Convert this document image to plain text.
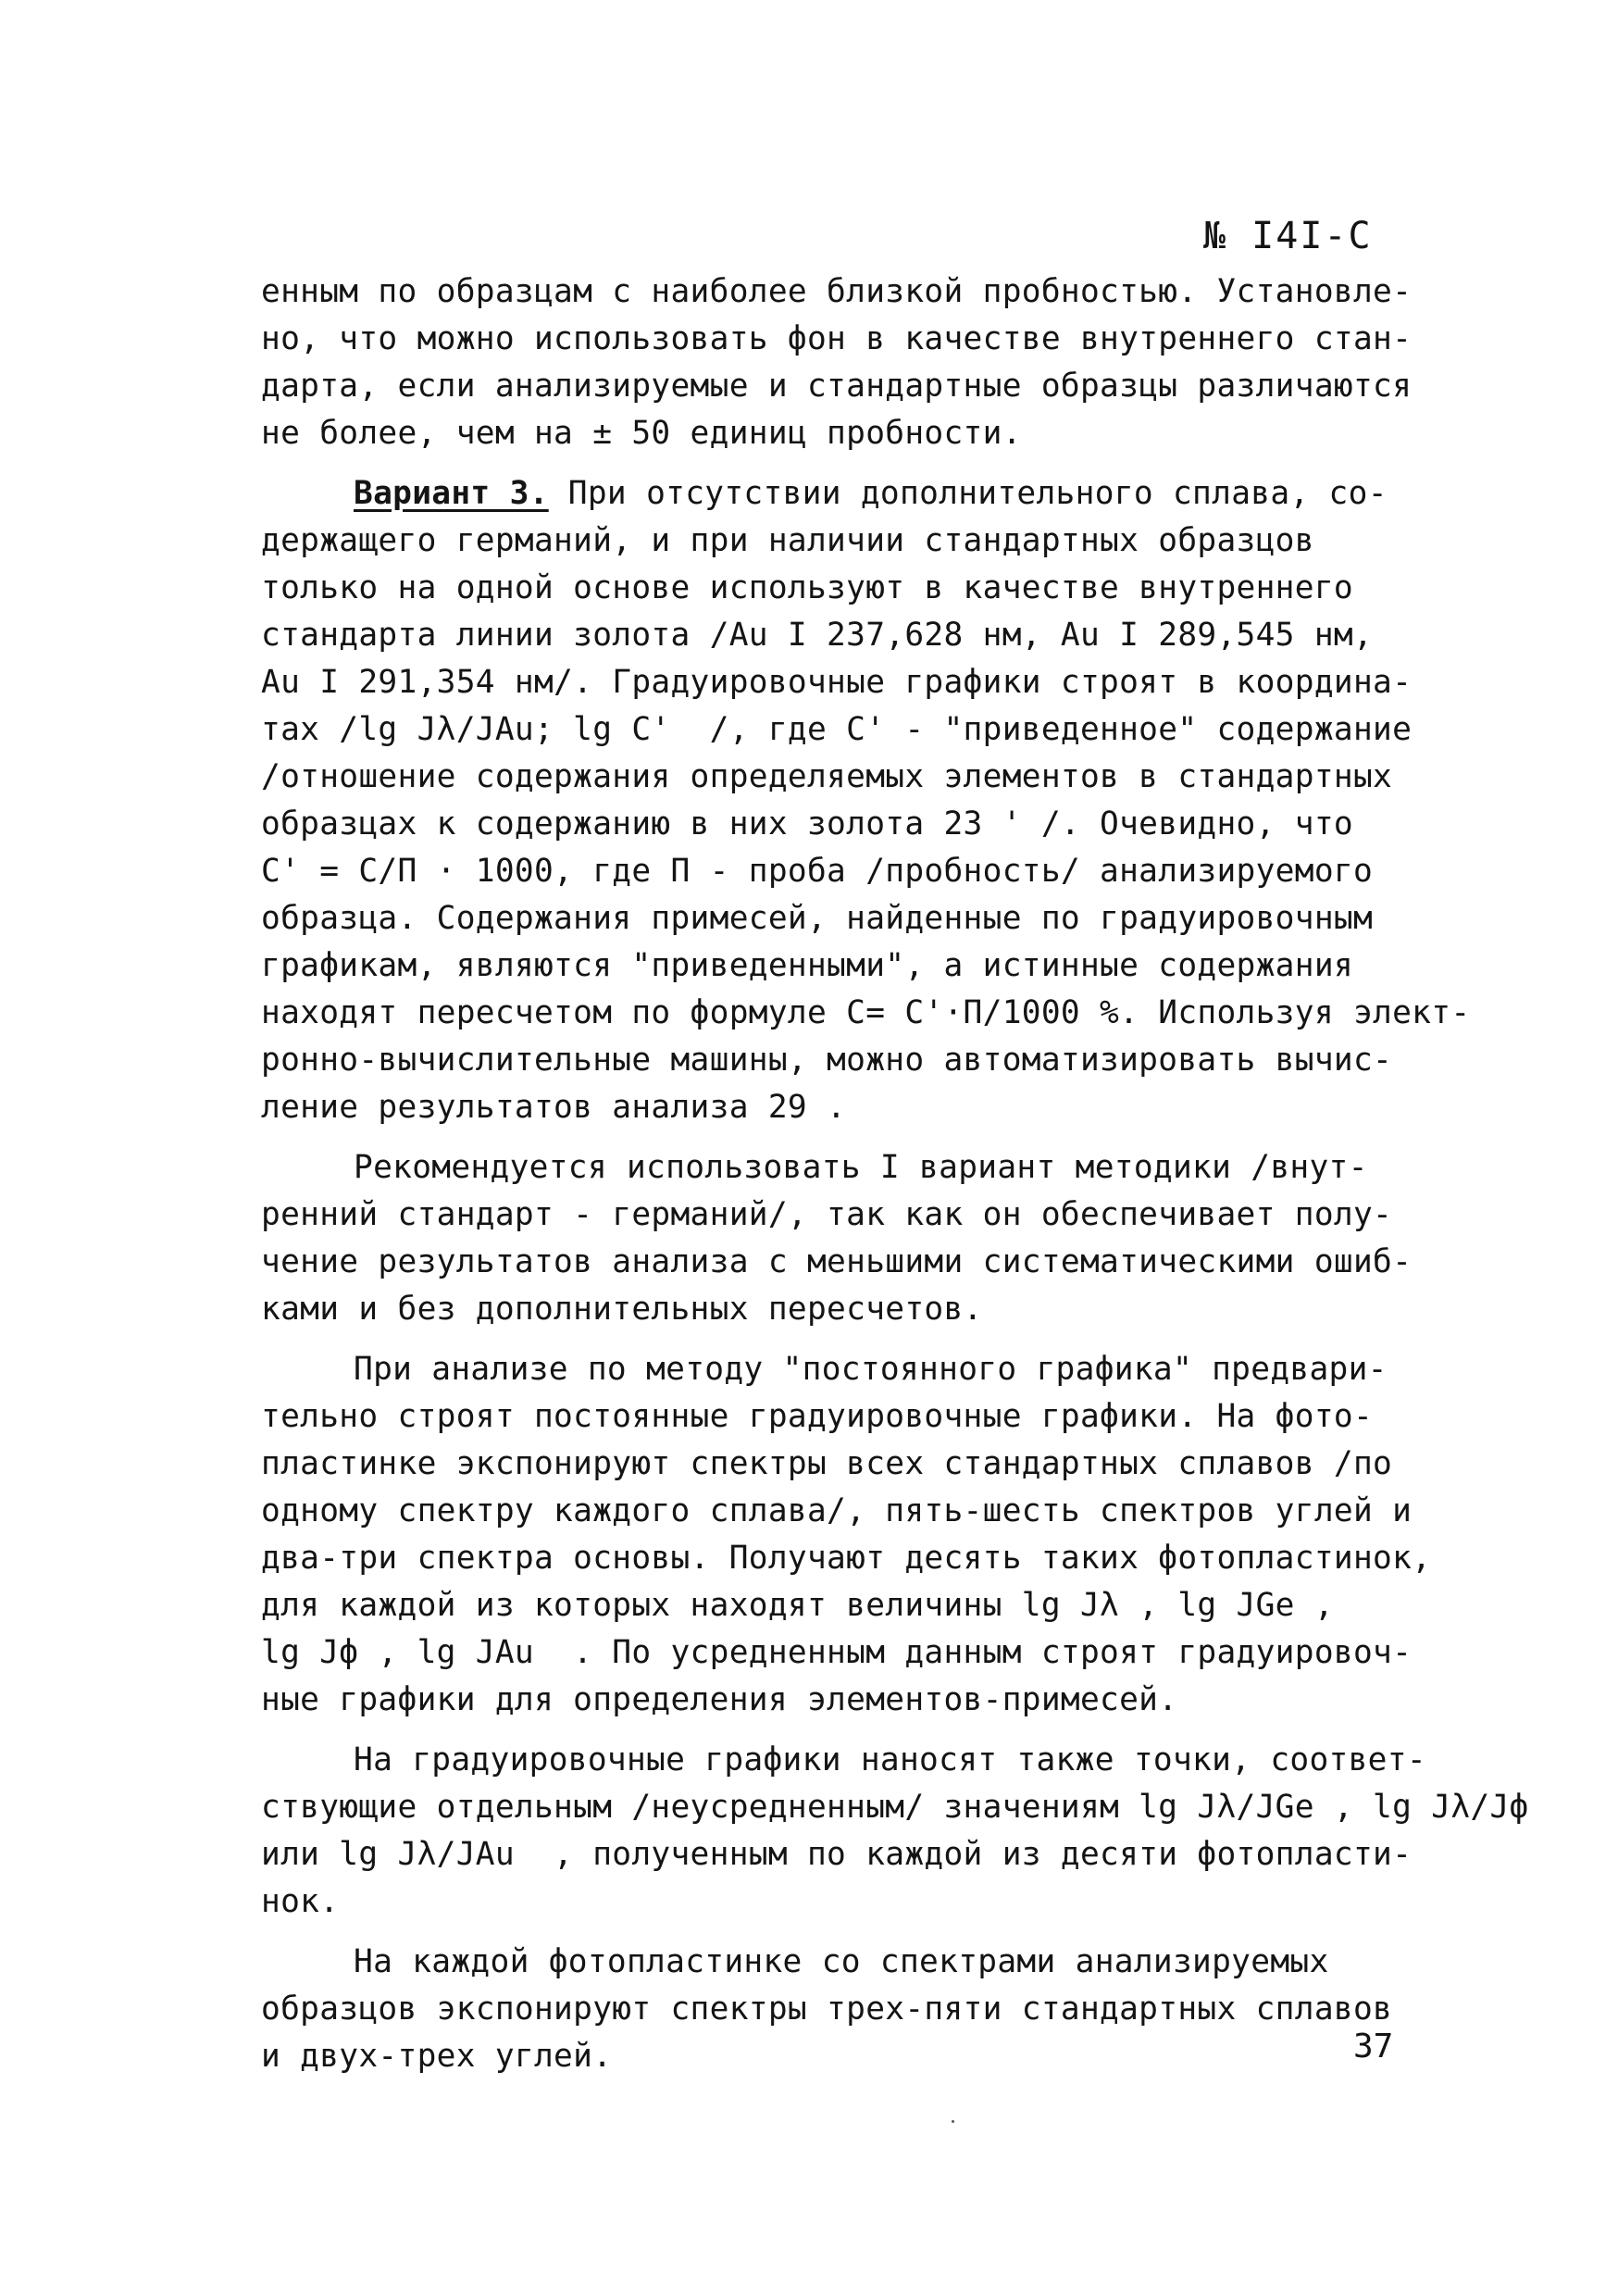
№ I4I-C
енным по образцам с наиболее близкой пробностью. Установле-
но, что можно использовать фон в качестве внутреннего стан-
дарта, если анализируемые и стандартные образцы различаются
не более, чем на ± 50 единиц пробности.
Вариант 3. При отсутствии дополнительного сплава, со-
держащего германий, и при наличии стандартных образцов
только на одной основе используют в качестве внутреннего
стандарта линии золота /Au I 237,628 нм, Au I 289,545 нм,
Au I 291,354 нм/. Градуировочные графики строят в координа-
тах /lg Jλ/JAu; lg C'  /, где C' - "приведенное" содержание
/отношение содержания определяемых элементов в стандартных
образцах к содержанию в них золота 23 ' /. Очевидно, что
C' = C/П · 1000, где П - проба /пробность/ анализируемого
образца. Содержания примесей, найденные по градуировочным
графикам, являются "приведенными", а истинные содержания
находят пересчетом по формуле C= C'·П/1000 %. Используя элект-
ронно-вычислительные машины, можно автоматизировать вычис-
ление результатов анализа 29 .
Рекомендуется использовать I вариант методики /внут-
ренний стандарт - германий/, так как он обеспечивает полу-
чение результатов анализа с меньшими систематическими ошиб-
ками и без дополнительных пересчетов.
При анализе по методу "постоянного графика" предвари-
тельно строят постоянные градуировочные графики. На фото-
пластинке экспонируют спектры всех стандартных сплавов /по
одному спектру каждого сплава/, пять-шесть спектров углей и
два-три спектра основы. Получают десять таких фотопластинок,
для каждой из которых находят величины lg Jλ , lg JGe ,
lg Jф , lg JAu  . По усредненным данным строят градуировоч-
ные графики для определения элементов-примесей.
На градуировочные графики наносят также точки, соответ-
ствующие отдельным /неусредненным/ значениям lg Jλ/JGe , lg Jλ/Jф
или lg Jλ/JAu  , полученным по каждой из десяти фотопласти-
нок.
На каждой фотопластинке со спектрами анализируемых
образцов экспонируют спектры трех-пяти стандартных сплавов
и двух-трех углей.	37
